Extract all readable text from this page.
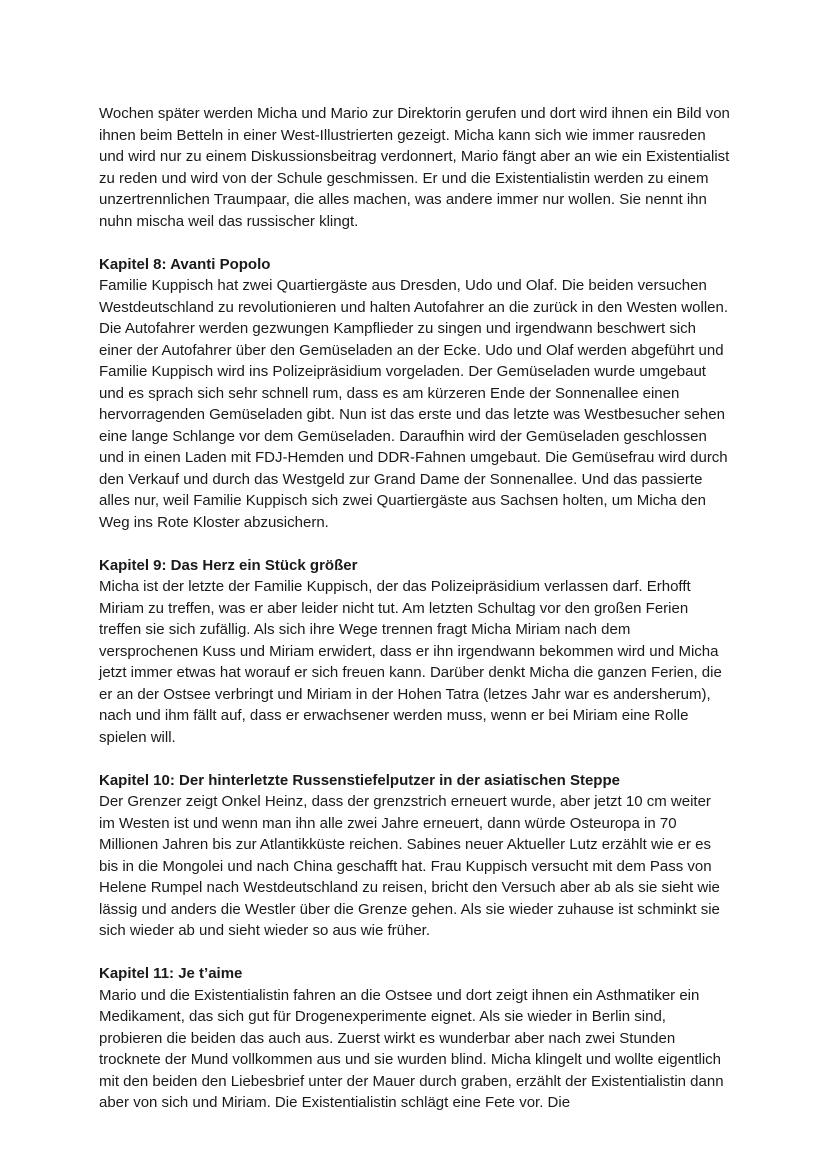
Wochen später werden Micha und Mario zur Direktorin gerufen und dort wird ihnen ein Bild von ihnen beim Betteln in einer West-Illustrierten gezeigt. Micha kann sich wie immer rausreden und wird nur zu einem Diskussionsbeitrag verdonnert, Mario fängt aber an wie ein Existentialist zu reden und wird von der Schule geschmissen. Er und die Existentialistin werden zu einem unzertrennlichen Traumpaar, die alles machen, was andere immer nur wollen. Sie nennt ihn nuhn mischa weil das russischer klingt.

Kapitel 8: Avanti Popolo

Familie Kuppisch hat zwei Quartiergäste aus Dresden, Udo und Olaf. Die beiden versuchen Westdeutschland zu revolutionieren und halten Autofahrer an die zurück in den Westen wollen. Die Autofahrer werden gezwungen Kampflieder zu singen und irgendwann beschwert sich einer der Autofahrer über den Gemüseladen an der Ecke. Udo und Olaf werden abgeführt und Familie Kuppisch wird ins Polizeipräsidium vorgeladen. Der Gemüseladen wurde umgebaut und es sprach sich sehr schnell rum, dass es am kürzeren Ende der Sonnenallee einen hervorragenden Gemüseladen gibt. Nun ist das erste und das letzte was Westbesucher sehen eine lange Schlange vor dem Gemüseladen. Daraufhin wird der Gemüseladen geschlossen und in einen Laden mit FDJ-Hemden und DDR-Fahnen umgebaut. Die Gemüsefrau wird durch den Verkauf und durch das Westgeld zur Grand Dame der Sonnenallee. Und das passierte alles nur, weil Familie Kuppisch sich zwei Quartiergäste aus Sachsen holten, um Micha den Weg ins Rote Kloster abzusichern.

Kapitel 9: Das Herz ein Stück größer

Micha ist der letzte der Familie Kuppisch, der das Polizeipräsidium verlassen darf. Erhofft Miriam zu treffen, was er aber leider nicht tut. Am letzten Schultag vor den großen Ferien treffen sie sich zufällig. Als sich ihre Wege trennen fragt Micha Miriam nach dem versprochenen Kuss und Miriam erwidert, dass er ihn irgendwann bekommen wird und Micha jetzt immer etwas hat worauf er sich freuen kann. Darüber denkt Micha die ganzen Ferien, die er an der Ostsee verbringt und Miriam in der Hohen Tatra (letzes Jahr war es andersherum), nach und ihm fällt auf, dass er erwachsener werden muss, wenn er bei Miriam eine Rolle spielen will.

Kapitel 10: Der hinterletzte Russenstiefelputzer in der asiatischen Steppe

Der Grenzer zeigt Onkel Heinz, dass der grenzstrich erneuert wurde, aber jetzt 10 cm weiter im Westen ist und wenn man ihn alle zwei Jahre erneuert, dann würde Osteuropa in 70 Millionen Jahren bis zur Atlantikküste reichen. Sabines neuer Aktueller Lutz erzählt wie er es bis in die Mongolei und nach China geschafft hat. Frau Kuppisch versucht mit dem Pass von Helene Rumpel nach Westdeutschland zu reisen, bricht den Versuch aber ab als sie sieht wie lässig und anders die Westler über die Grenze gehen. Als sie wieder zuhause ist schminkt sie sich wieder ab und sieht wieder so aus wie früher.

Kapitel 11: Je t’aime

Mario und die Existentialistin fahren an die Ostsee und dort zeigt ihnen ein Asthmatiker ein Medikament, das sich gut für Drogenexperimente eignet. Als sie wieder in Berlin sind, probieren die beiden das auch aus. Zuerst wirkt es wunderbar aber nach zwei Stunden trocknete der Mund vollkommen aus und sie wurden blind. Micha klingelt und wollte eigentlich mit den beiden den Liebesbrief unter der Mauer durch graben, erzählt der Existentialistin dann aber von sich und Miriam. Die Existentialistin schlägt eine Fete vor. Die
